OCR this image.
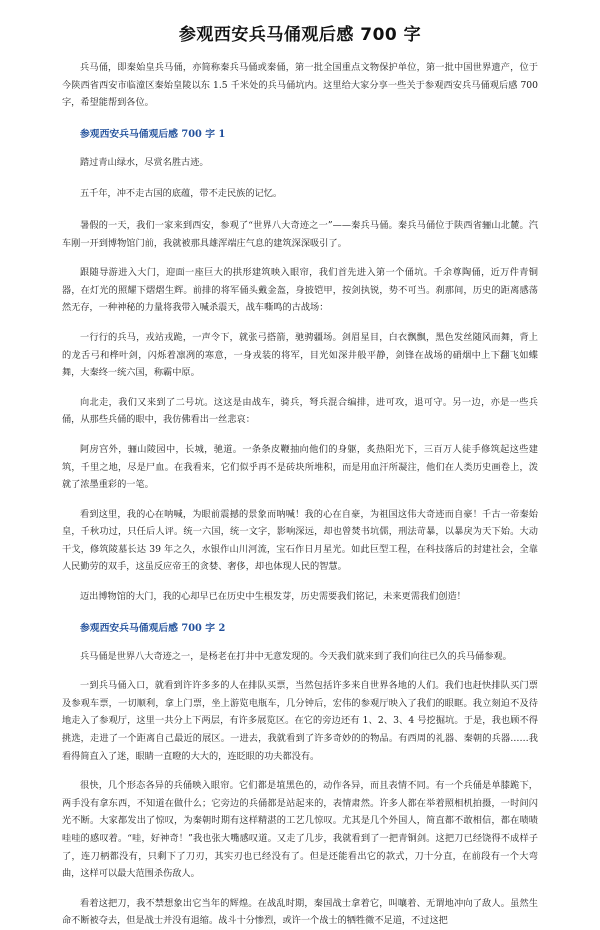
参观西安兵马俑观后感 700 字

兵马俑，即秦始皇兵马俑，亦简称秦兵马俑或秦俑，第一批全国重点文物保护单位，第一批中国世界遗产，位于今陕西省西安市临潼区秦始皇陵以东 1.5 千米处的兵马俑坑内。这里给大家分享一些关于参观西安兵马俑观后感 700 字，希望能帮到各位。

参观西安兵马俑观后感 700 字 1

踏过青山绿水，尽赏名胜古迹。

五千年，冲不走古国的底蕴，带不走民族的记忆。

暑假的一天，我们一家来到西安，参观了“世界八大奇迹之一”——秦兵马俑。秦兵马俑位于陕西省骊山北麓。汽车刚一开到博物馆门前，我就被那具雄浑端庄气息的建筑深深吸引了。

跟随导游进入大门，迎面一座巨大的拱形建筑映入眼帘，我们首先进入第一个俑坑。千余尊陶俑，近万件青铜器，在灯光的照耀下熠熠生辉。前排的将军俑头戴金盔，身披铠甲，按剑执锐，势不可当。刹那间，历史的距离感荡然无存，一种神秘的力量将我带入喊杀震天，战车嘶鸣的古战场：

一行行的兵马，戎站戎跪，一声令下，就张弓搭箭，驰骋疆场。剑眉星目，白衣飘飘，黑色发丝随风而舞，背上的龙舌弓和桦叶剑，闪烁着凛冽的寒意，一身戎装的将军，目光如深井般平静，剑锋在战场的硝烟中上下翻飞如蝶舞，大秦终一统六国，称霸中原。

向北走，我们又来到了二号坑。这这是由战车，骑兵，弩兵混合编排，进可攻，退可守。另一边，亦是一些兵俑，从那些兵俑的眼中，我仿佛看出一丝悲哀：

阿房宫外，骊山陵园中，长城，驰道。一条条皮鞭抽向他们的身躯，炙热阳光下，三百万人徒手修筑起这些建筑，千里之地，尽是尸血。在我看来，它们似乎再不是砖块所堆积，而是用血汗所凝注，他们在人类历史画卷上，泼就了浓墨重彩的一笔。

看到这里，我的心在呐喊，为眼前震撼的景象而呐喊！我的心在自豪，为祖国这伟大奇迹而自豪！千古一帝秦始皇，千秋功过，只任后人评。统一六国，统一文字，影响深远，却也曾焚书坑儒，刑法苛暴，以暴戾为天下始。大动干戈，修筑陵墓长达 39 年之久，水银作山川河流，宝石作日月星光。如此巨型工程，在科技落后的封建社会，全靠人民勤劳的双手，这虽反应帝王的贪婪、奢侈，却也体现人民的智慧。

迈出博物馆的大门，我的心却早已在历史中生根发芽，历史需要我们铭记，未来更需我们创造！

参观西安兵马俑观后感 700 字 2

兵马俑是世界八大奇迹之一，是杨老在打井中无意发现的。今天我们就来到了我们向往已久的兵马俑参观。

一到兵马俑入口，就看到许许多多的人在排队买票，当然包括许多来自世界各地的人们。我们也赶快排队买门票及参观车票，一切顺利，拿上门票，坐上游览电瓶车，几分钟后，宏伟的参观厅映入了我们的眼眶。我立刻迫不及待地走入了参观厅，这里一共分上下两层，有许多展览区。在它的旁边还有 1、2、3、4 号挖掘坑。于是，我也顾不得挑选，走进了一个距离自己最近的展区。一进去，我就看到了许多奇妙的的物品。有西周的礼器、秦朝的兵器……我看得简直入了迷，眼睛一直瞪的大大的，连眨眼的功夫都没有。

很快，几个形态各异的兵俑映入眼帘。它们都是埴黑色的，动作各异，而且表情不同。有一个兵俑是单膝跪下，两手没有拿东西，不知道在做什么；它旁边的兵俑都是站起来的，表情肃然。许多人都在举着照相机拍摄，一时间闪光不断。大家都发出了惊叹，为秦朝时期有这样精湛的工艺几惊叹。尤其是几个外国人，简直都不敢相信，都在啧啧哇哇的感叹着。“哇，好神奇！”我也张大嘴感叹道。又走了几步，我就看到了一把青铜剑。这把刀已经饶得不成样子了，连刀柄都没有，只剩下了刀刃，其实刃也已经没有了。但是还能看出它的款式，刀十分直，在前段有一个大弯曲，这样可以最大范围杀伤敌人。

看着这把刀，我不禁想象出它当年的辉煌。在战乱时期，秦国战士拿着它，叫嚷着、无谓地冲向了敌人。虽然生命不断被夺去，但是战士并没有退缩。战斗十分惨烈，或许一个战士的牺牲微不足道，不过这把
